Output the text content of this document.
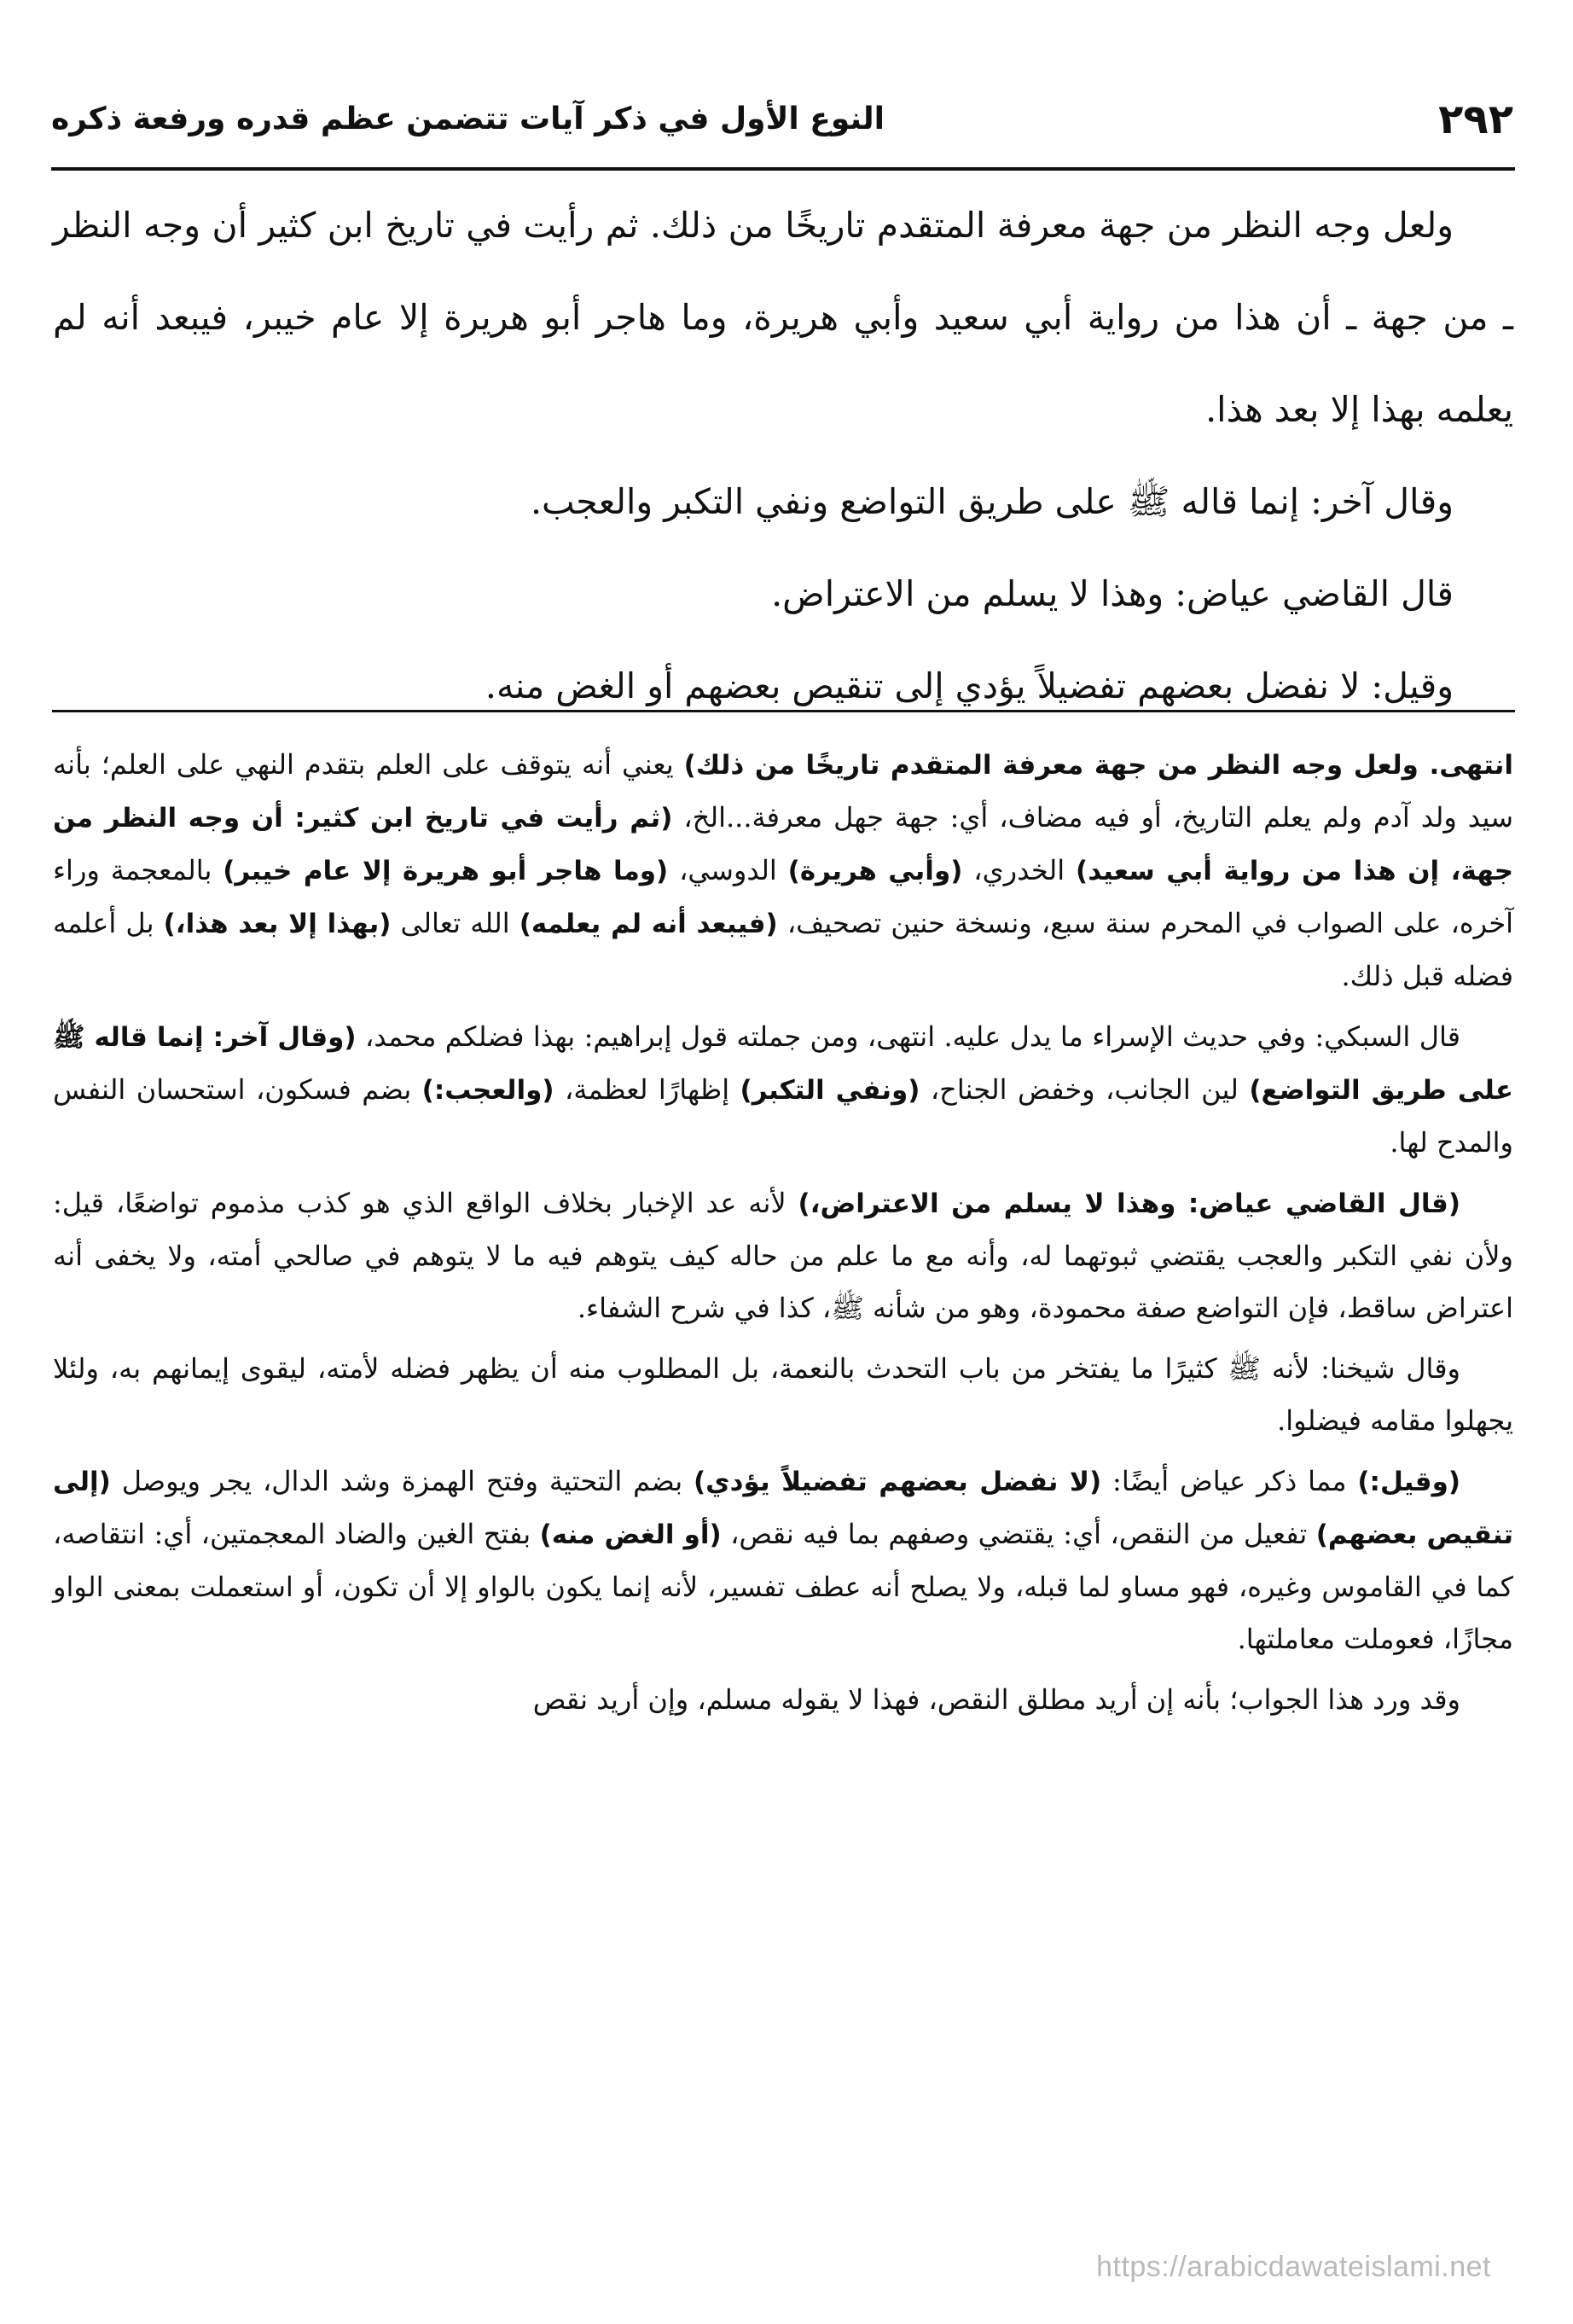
٢٩٢
النوع الأول في ذكر آيات تتضمن عظم قدره ورفعة ذكره

ولعل وجه النظر من جهة معرفة المتقدم تاريخًا من ذلك. ثم رأيت في تاريخ ابن كثير أن وجه النظر ـ من جهة ـ أن هذا من رواية أبي سعيد وأبي هريرة، وما هاجر أبو هريرة إلا عام خيبر، فيبعد أنه لم يعلمه بهذا إلا بعد هذا.

وقال آخر: إنما قاله ﷺ على طريق التواضع ونفي التكبر والعجب.

قال القاضي عياض: وهذا لا يسلم من الاعتراض.

وقيل: لا نفضل بعضهم تفضيلاً يؤدي إلى تنقيص بعضهم أو الغض منه.

انتهى. ولعل وجه النظر من جهة معرفة المتقدم تاريخًا من ذلك) يعني أنه يتوقف على العلم بتقدم النهي على العلم؛ بأنه سيد ولد آدم ولم يعلم التاريخ، أو فيه مضاف، أي: جهة جهل معرفة...الخ، (ثم رأيت في تاريخ ابن كثير: أن وجه النظر من جهة، إن هذا من رواية أبي سعيد) الخدري، (وأبي هريرة) الدوسي، (وما هاجر أبو هريرة إلا عام خيبر) بالمعجمة وراء آخره، على الصواب في المحرم سنة سبع، ونسخة حنين تصحيف، (فيبعد أنه لم يعلمه) الله تعالى (بهذا إلا بعد هذا،) بل أعلمه فضله قبل ذلك.

قال السبكي: وفي حديث الإسراء ما يدل عليه. انتهى، ومن جملته قول إبراهيم: بهذا فضلكم محمد، (وقال آخر: إنما قاله ﷺ على طريق التواضع) لين الجانب، وخفض الجناح، (ونفي التكبر) إظهارًا لعظمة، (والعجب:) بضم فسكون، استحسان النفس والمدح لها.

(قال القاضي عياض: وهذا لا يسلم من الاعتراض،) لأنه عد الإخبار بخلاف الواقع الذي هو كذب مذموم تواضعًا، قيل: ولأن نفي التكبر والعجب يقتضي ثبوتهما له، وأنه مع ما علم من حاله كيف يتوهم فيه ما لا يتوهم في صالحي أمته، ولا يخفى أنه اعتراض ساقط، فإن التواضع صفة محمودة، وهو من شأنه ﷺ، كذا في شرح الشفاء.

وقال شيخنا: لأنه ﷺ كثيرًا ما يفتخر من باب التحدث بالنعمة، بل المطلوب منه أن يظهر فضله لأمته، ليقوى إيمانهم به، ولئلا يجهلوا مقامه فيضلوا.

(وقيل:) مما ذكر عياض أيضًا: (لا نفضل بعضهم تفضيلاً يؤدي) بضم التحتية وفتح الهمزة وشد الدال، يجر ويوصل (إلى تنقيص بعضهم) تفعيل من النقص، أي: يقتضي وصفهم بما فيه نقص، (أو الغض منه) بفتح الغين والضاد المعجمتين، أي: انتقاصه، كما في القاموس وغيره، فهو مساو لما قبله، ولا يصلح أنه عطف تفسير، لأنه إنما يكون بالواو إلا أن تكون، أو استعملت بمعنى الواو مجازًا، فعوملت معاملتها.

وقد ورد هذا الجواب؛ بأنه إن أريد مطلق النقص، فهذا لا يقوله مسلم، وإن أريد نقص

https://arabicdawateislami.net
